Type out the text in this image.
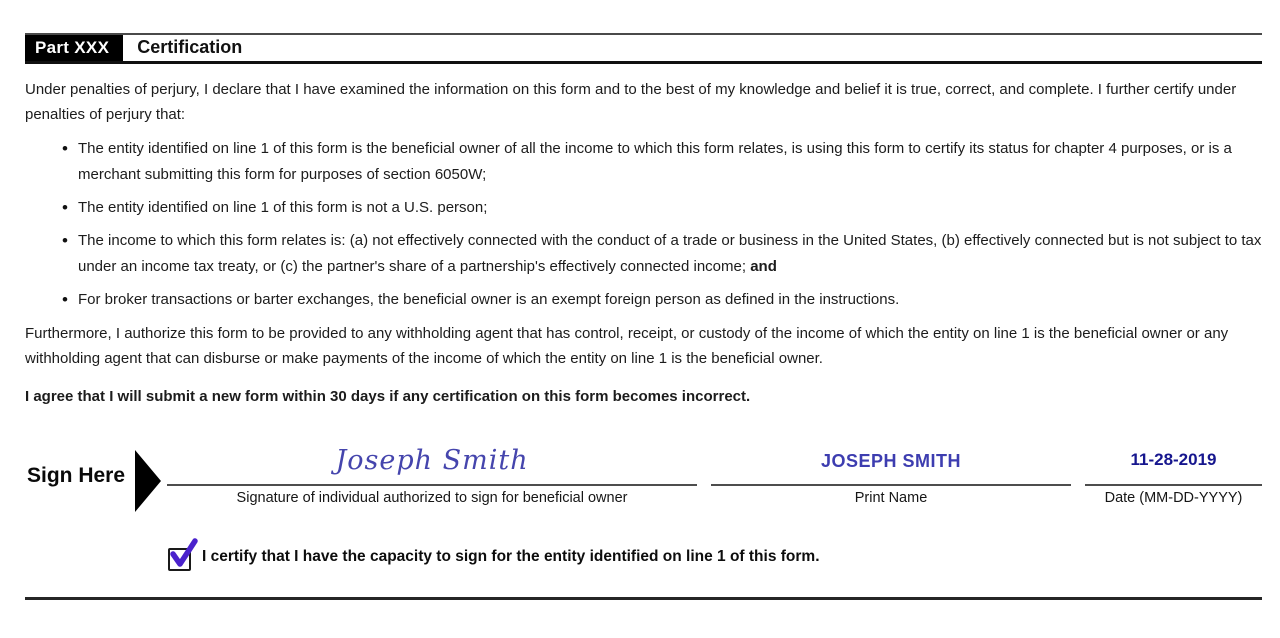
Part XXX	Certification
Under penalties of perjury, I declare that I have examined the information on this form and to the best of my knowledge and belief it is true, correct, and complete. I further certify under penalties of perjury that:
• The entity identified on line 1 of this form is the beneficial owner of all the income to which this form relates, is using this form to certify its status for chapter 4 purposes, or is a merchant submitting this form for purposes of section 6050W;
• The entity identified on line 1 of this form is not a U.S. person;
• The income to which this form relates is: (a) not effectively connected with the conduct of a trade or business in the United States, (b) effectively connected but is not subject to tax under an income tax treaty, or (c) the partner's share of a partnership's effectively connected income; and
• For broker transactions or barter exchanges, the beneficial owner is an exempt foreign person as defined in the instructions.
Furthermore, I authorize this form to be provided to any withholding agent that has control, receipt, or custody of the income of which the entity on line 1 is the beneficial owner or any withholding agent that can disburse or make payments of the income of which the entity on line 1 is the beneficial owner.
I agree that I will submit a new form within 30 days if any certification on this form becomes incorrect.
Sign Here	Joseph Smith
Signature of individual authorized to sign for beneficial owner
JOSEPH SMITH
Print Name
11-28-2019
Date (MM-DD-YYYY)
I certify that I have the capacity to sign for the entity identified on line 1 of this form.
